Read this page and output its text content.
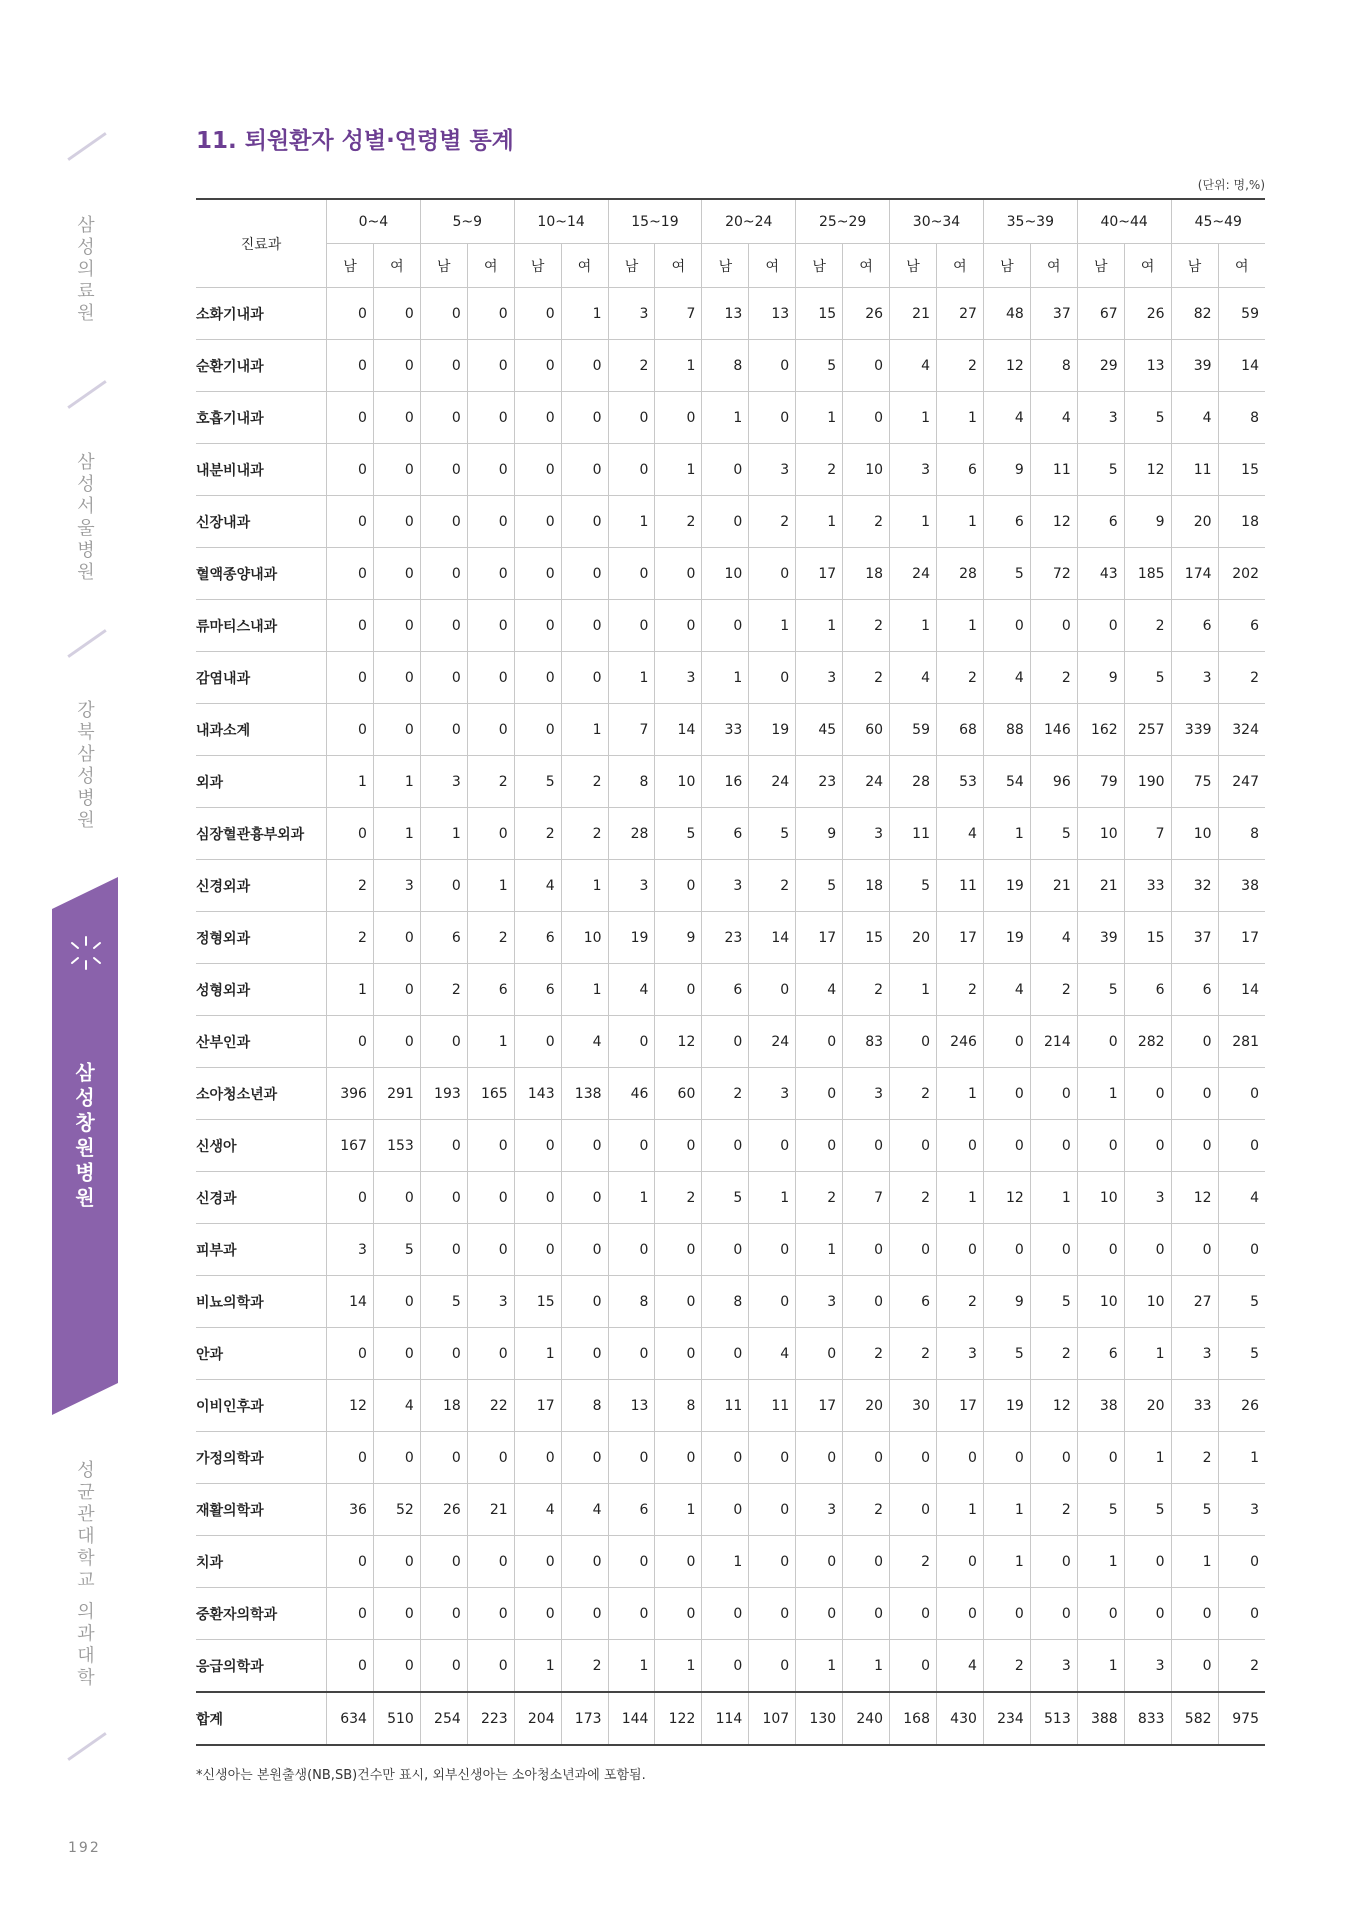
삼성의료원
삼성서울병원
강북삼성병원
삼성창원병원
성균관대학교 의과대학
192
11. 퇴원환자 성별·연령별 통계
(단위: 명,%)
진료과	0~4		5~9		10~14		15~19		20~24		25~29		30~34		35~39		40~44		45~49	
	남	여	남	여	남	여	남	여	남	여	남	여	남	여	남	여	남	여	남	여
소화기내과	0	0	0	0	0	1	3	7	13	13	15	26	21	27	48	37	67	26	82	59
순환기내과	0	0	0	0	0	0	2	1	8	0	5	0	4	2	12	8	29	13	39	14
호흡기내과	0	0	0	0	0	0	0	0	1	0	1	0	1	1	4	4	3	5	4	8
내분비내과	0	0	0	0	0	0	0	1	0	3	2	10	3	6	9	11	5	12	11	15
신장내과	0	0	0	0	0	0	1	2	0	2	1	2	1	1	6	12	6	9	20	18
혈액종양내과	0	0	0	0	0	0	0	0	10	0	17	18	24	28	5	72	43	185	174	202
류마티스내과	0	0	0	0	0	0	0	0	0	1	1	2	1	1	0	0	0	2	6	6
감염내과	0	0	0	0	0	0	1	3	1	0	3	2	4	2	4	2	9	5	3	2
내과소계	0	0	0	0	0	1	7	14	33	19	45	60	59	68	88	146	162	257	339	324
외과	1	1	3	2	5	2	8	10	16	24	23	24	28	53	54	96	79	190	75	247
심장혈관흉부외과	0	1	1	0	2	2	28	5	6	5	9	3	11	4	1	5	10	7	10	8
신경외과	2	3	0	1	4	1	3	0	3	2	5	18	5	11	19	21	21	33	32	38
정형외과	2	0	6	2	6	10	19	9	23	14	17	15	20	17	19	4	39	15	37	17
성형외과	1	0	2	6	6	1	4	0	6	0	4	2	1	2	4	2	5	6	6	14
산부인과	0	0	0	1	0	4	0	12	0	24	0	83	0	246	0	214	0	282	0	281
소아청소년과	396	291	193	165	143	138	46	60	2	3	0	3	2	1	0	0	1	0	0	0
신생아	167	153	0	0	0	0	0	0	0	0	0	0	0	0	0	0	0	0	0	0
신경과	0	0	0	0	0	0	1	2	5	1	2	7	2	1	12	1	10	3	12	4
피부과	3	5	0	0	0	0	0	0	0	0	1	0	0	0	0	0	0	0	0	0
비뇨의학과	14	0	5	3	15	0	8	0	8	0	3	0	6	2	9	5	10	10	27	5
안과	0	0	0	0	1	0	0	0	0	4	0	2	2	3	5	2	6	1	3	5
이비인후과	12	4	18	22	17	8	13	8	11	11	17	20	30	17	19	12	38	20	33	26
가정의학과	0	0	0	0	0	0	0	0	0	0	0	0	0	0	0	0	0	1	2	1
재활의학과	36	52	26	21	4	4	6	1	0	0	3	2	0	1	1	2	5	5	5	3
치과	0	0	0	0	0	0	0	0	1	0	0	0	2	0	1	0	1	0	1	0
중환자의학과	0	0	0	0	0	0	0	0	0	0	0	0	0	0	0	0	0	0	0	0
응급의학과	0	0	0	0	1	2	1	1	0	0	1	1	0	4	2	3	1	3	0	2
합계	634	510	254	223	204	173	144	122	114	107	130	240	168	430	234	513	388	833	582	975
*신생아는 본원출생(NB,SB)건수만 표시, 외부신생아는 소아청소년과에 포함됨.
